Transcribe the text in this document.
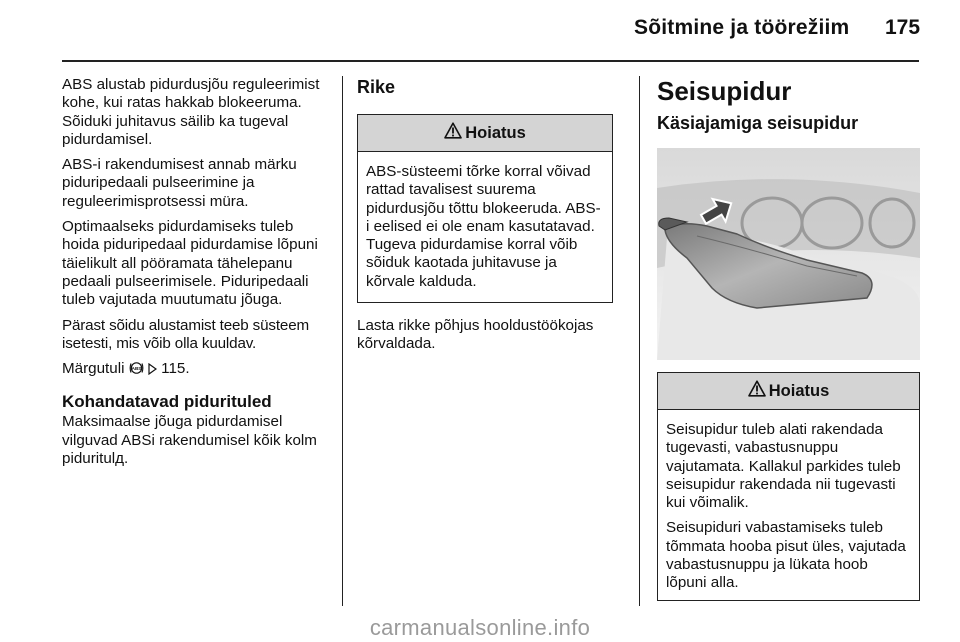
Sõitmine ja töörežiim 175

ABS alustab pidurdusjõu reguleerimist kohe, kui ratas hakkab blokeeruma. Sõiduki juhitavus säilib ka tugeval pidurdamisel.

ABS-i rakendumisest annab märku piduripedaali pulseerimine ja reguleerimisprotsessi müra.

Optimaalseks pidurdamiseks tuleb hoida piduripedaal pidurdamise lõpuni täielikult all pööramata tähelepanu pedaali pulseerimisele. Piduripedaali tuleb vajutada muutumatu jõuga.

Pärast sõidu alustamist teeb süsteem isetesti, mis võib olla kuuldav.

Märgutuli ABS 115.

Kohandatavad pidurituled

Maksimaalse jõuga pidurdamisel vilguvad ABSi rakendumisel kõik kolm piduritulд.

Rike
Hoiatus

ABS-süsteemi tõrke korral võivad rattad tavalisest suurema pidurdusjõu tõttu blokeeruda. ABS-i eelised ei ole enam kasutatavad. Tugeva pidurdamise korral võib sõiduk kaotada juhitavuse ja kõrvale kalduda.

Lasta rikke põhjus hooldustöökojas kõrvaldada.

Seisupidur
Käsiajamiga seisupidur
Hoiatus

Seisupidur tuleb alati rakendada tugevasti, vabastusnuppu vajutamata. Kallakul parkides tuleb seisupidur rakendada nii tugevasti kui võimalik.

Seisupiduri vabastamiseks tuleb tõmmata hooba pisut üles, vajutada vabastusnuppu ja lükata hoob lõpuni alla.

carmanualsonline.info
